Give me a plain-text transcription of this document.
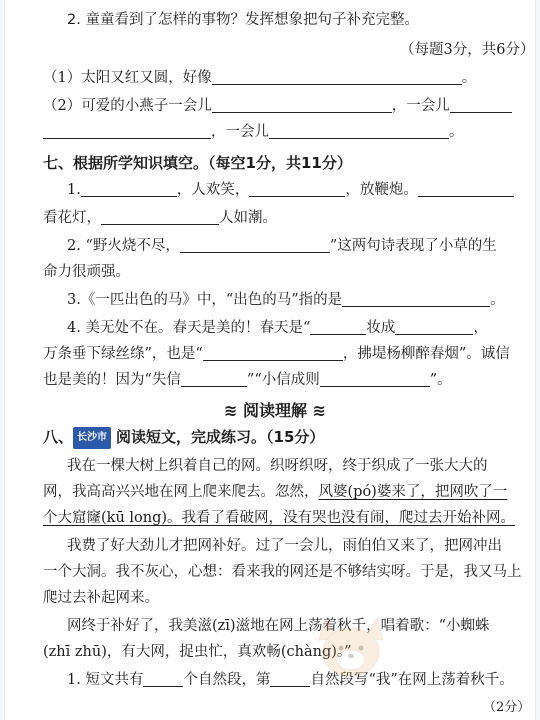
2. 童童看到了怎样的事物？发挥想象把句子补充完整。
（每题3分，共6分）
（1）太阳又红又圆，好像	。
（2）可爱的小燕子一会儿	，一会儿
，一会儿	。
七、根据所学知识填空。（每空1分，共11分）
1.	，人欢笑，	，放鞭炮。
看花灯，	人如潮。
2. “野火烧不尽，	”这两句诗表现了小草的生
命力很顽强。
3.《一匹出色的马》中，“出色的马”指的是	。
4. 美无处不在。春天是美的！春天是“	妆成	，
万条垂下绿丝绦”，也是“	，拂堤杨柳醉春烟”。诚信
也是美的！因为“失信	”“小信成则	”。
≋ 阅读理解 ≋
八、 长沙市 阅读短文，完成练习。（15分）
我在一棵大树上织着自己的网。织呀织呀，终于织成了一张大大的
网，我高高兴兴地在网上爬来爬去。忽然，风婆(pó)婆来了，把网吹了一
个大窟窿(kū long)。我看了看破网，没有哭也没有闹，爬过去开始补网。
我费了好大劲儿才把网补好。过了一会儿，雨伯伯又来了，把网冲出
一个大洞。我不灰心，心想：看来我的网还是不够结实呀。于是，我又马上
爬过去补起网来。
网终于补好了，我美滋(zī)滋地在网上荡着秋千，唱着歌：“小蜘蛛
(zhī zhū)，有大网，捉虫忙，真欢畅(chàng)。”
1. 短文共有	个自然段，第	自然段写“我”在网上荡着秋千。
（2分）
